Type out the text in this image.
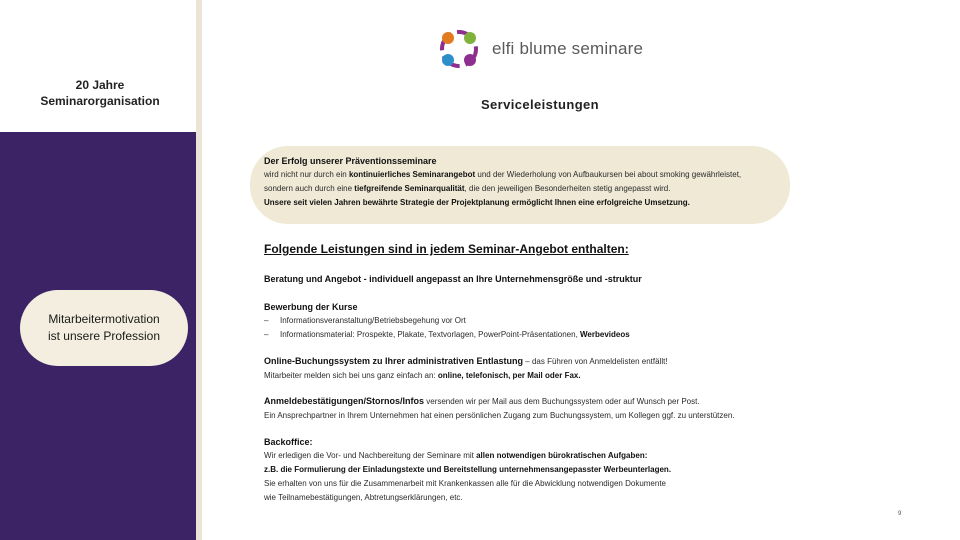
20 Jahre
Seminarorganisation
Mitarbeitermotivation
ist unsere Profession
elfi blume seminare
Serviceleistungen
Der Erfolg unserer Präventionsseminare
wird nicht nur durch ein kontinuierliches Seminarangebot und der Wiederholung von Aufbaukursen bei about smoking gewährleistet,
sondern auch durch eine tiefgreifende Seminarqualität, die den jeweiligen Besonderheiten stetig angepasst wird.
Unsere seit vielen Jahren bewährte Strategie der Projektplanung ermöglicht Ihnen eine erfolgreiche Umsetzung.
Folgende Leistungen sind in jedem Seminar-Angebot enthalten:
Beratung und Angebot - individuell angepasst an Ihre Unternehmensgröße und -struktur
Bewerbung der Kurse
– Informationsveranstaltung/Betriebsbegehung vor Ort
– Informationsmaterial: Prospekte, Plakate, Textvorlagen, PowerPoint-Präsentationen, Werbevideos
Online-Buchungssystem zu Ihrer administrativen Entlastung – das Führen von Anmeldelisten entfällt!
Mitarbeiter melden sich bei uns ganz einfach an: online, telefonisch, per Mail oder Fax.
Anmeldebestätigungen/Stornos/Infos versenden wir per Mail aus dem Buchungssystem oder auf Wunsch per Post.
Ein Ansprechpartner in Ihrem Unternehmen hat einen persönlichen Zugang zum Buchungssystem, um Kollegen ggf. zu unterstützen.
Backoffice:
Wir erledigen die Vor- und Nachbereitung der Seminare mit allen notwendigen bürokratischen Aufgaben:
z.B. die Formulierung der Einladungstexte und Bereitstellung unternehmensangepasster Werbeunterlagen.
Sie erhalten von uns für die Zusammenarbeit mit Krankenkassen alle für die Abwicklung notwendigen Dokumente
wie Teilnamebestätigungen, Abtretungserklärungen, etc.
9
